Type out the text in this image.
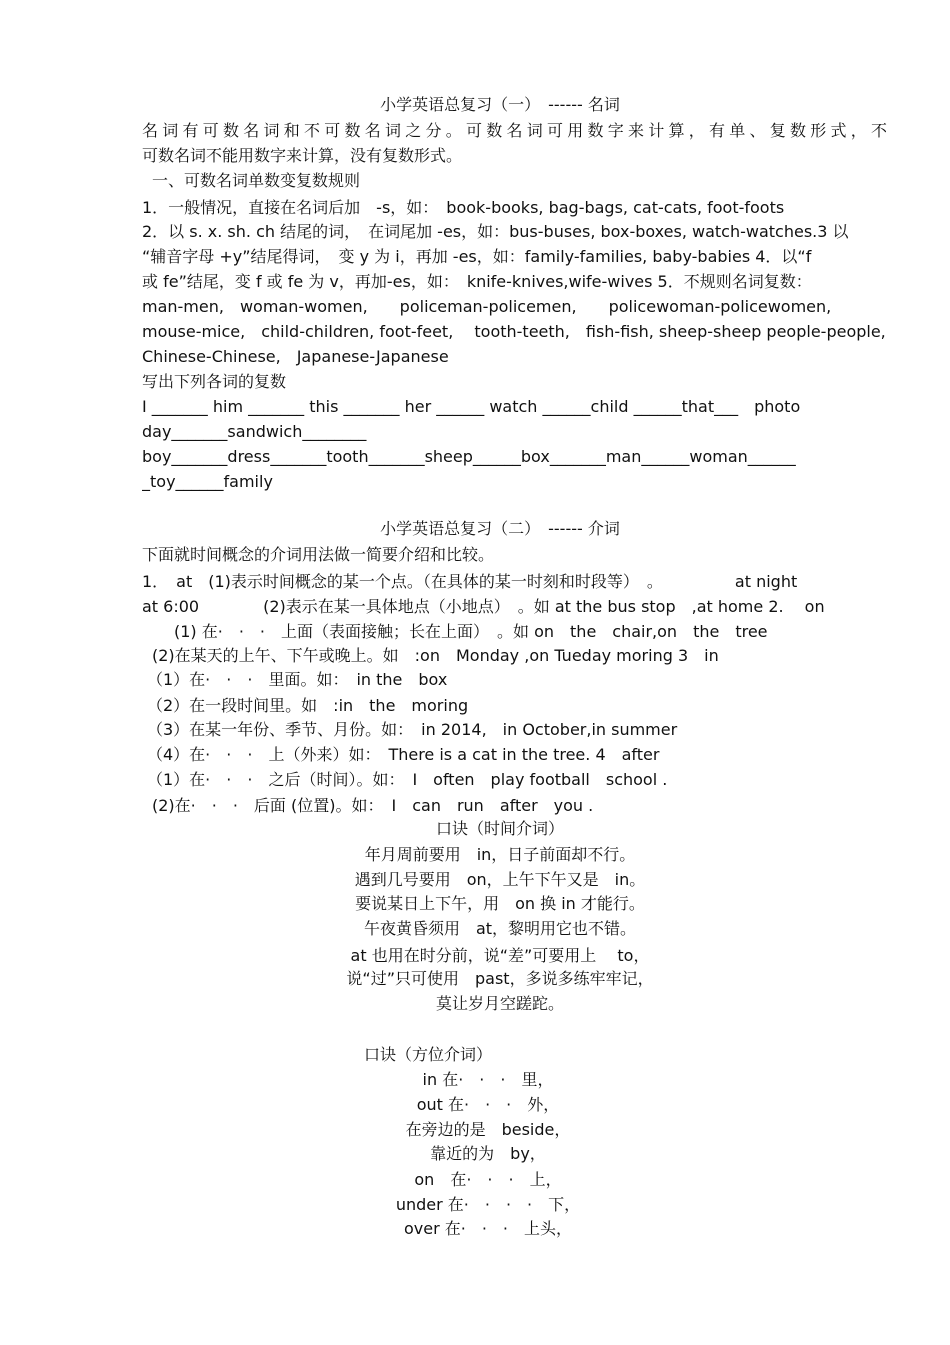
小学英语总复习（一）　------ 名词
名词有可数名词和不可数名词之分。可数名词可用数字来计算，有单、复数形式，不
可数名词不能用数字来计算，没有复数形式。
一、可数名词单数变复数规则
1．一般情况，直接在名词后加　-s，如：　book-books, bag-bags, cat-cats, foot-foots
2．以 s. x. sh. ch 结尾的词，　在词尾加 -es，如：bus-buses, box-boxes, watch-watches.3 以
“辅音字母 +y”结尾得词，　变 y 为 i，再加 -es，如：family-families, baby-babies 4．以“f
或 fe”结尾，变 f 或 fe 为 v，再加-es，如：　knife-knives,wife-wives 5．不规则名词复数：
man-men,　woman-women,　　policeman-policemen,　　policewoman-policewomen,
mouse-mice,　child-children, foot-feet,　 tooth-teeth,　fish-fish, sheep-sheep people-people,
Chinese-Chinese,　Japanese-Japanese
写出下列各词的复数
I _______ him _______ this _______ her ______ watch ______child ______that___　photo
day_______sandwich________
boy_______dress_______tooth_______sheep______box_______man______woman______
_toy______family
小学英语总复习（二）　------ 介词
下面就时间概念的介词用法做一简要介绍和比较。
1．　at　(1)表示时间概念的某一个点。（在具体的某一时刻和时段等）　。　　　　　at night
at 6:00　　　　(2)表示在某一具体地点（小地点）　。如 at the bus stop　,at home 2.　 on
　　(1) 在·　·　·　上面（表面接触；长在上面）　。如 on　the　chair,on　the　tree
(2)在某天的上午、下午或晚上。如　:on　Monday ,on Tueday moring 3　in
（1）在·　·　·　里面。如：　in the　box
（2）在一段时间里。如　:in　the　moring
（3）在某一年份、季节、月份。如：　in 2014,　in October,in summer
（4）在·　·　·　上（外来）如：　There is a cat in the tree. 4　after
（1）在·　·　·　之后（时间）。如：　I　often　play football　school .
(2)在·　·　·　后面 (位置)。如：　I　can　run　after　you .
口诀（时间介词）
年月周前要用　in，日子前面却不行。
遇到几号要用　on，上午下午又是　in。
要说某日上下午，用　on 换 in 才能行。
午夜黄昏须用　at，黎明用它也不错。
at 也用在时分前，说“差”可要用上　 to，
说“过”只可使用　past，多说多练牢牢记，
莫让岁月空蹉跎。
口诀（方位介词）
in 在·　·　·　里，
out 在·　·　·　外，
在旁边的是　beside，
靠近的为　by，
on　在·　·　·　上，
under 在·　·　·　·　下，
over 在·　·　·　上头，
